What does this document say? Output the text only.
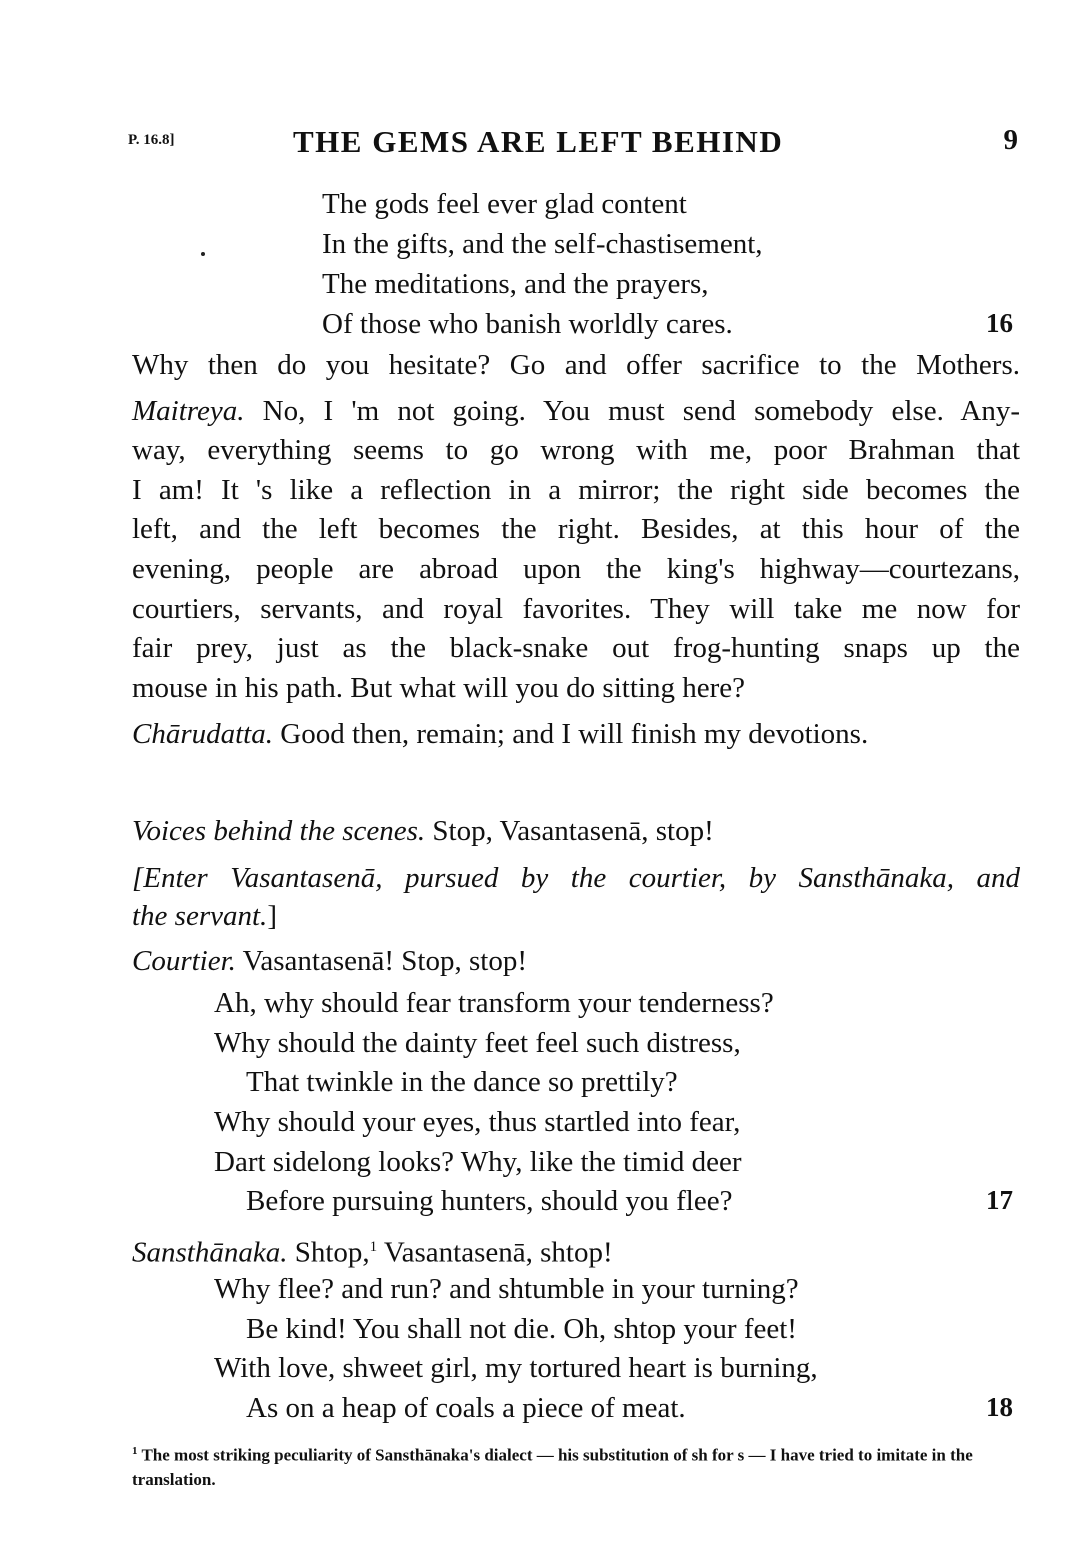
P. 16.8]	THE GEMS ARE LEFT BEHIND	9
The gods feel ever glad content
In the gifts, and the self-chastisement,
The meditations, and the prayers,
Of those who banish worldly cares.	16
Why then do you hesitate? Go and offer sacrifice to the Mothers.
Maitreya. No, I 'm not going. You must send somebody else. Any-
way, everything seems to go wrong with me, poor Brahman that
I am! It 's like a reflection in a mirror; the right side becomes the
left, and the left becomes the right. Besides, at this hour of the
evening, people are abroad upon the king's highway—courtezans,
courtiers, servants, and royal favorites. They will take me now for
fair prey, just as the black-snake out frog-hunting snaps up the
mouse in his path. But what will you do sitting here?
Chārudatta. Good then, remain; and I will finish my devotions.
Voices behind the scenes. Stop, Vasantasenā, stop!
[Enter Vasantasenā, pursued by the courtier, by Sansthānaka, and
the servant.]
Courtier. Vasantasenā! Stop, stop!
Ah, why should fear transform your tenderness?
Why should the dainty feet feel such distress,
That twinkle in the dance so prettily?
Why should your eyes, thus startled into fear,
Dart sidelong looks? Why, like the timid deer
Before pursuing hunters, should you flee?	17
Sansthānaka. Shtop,$^1$ Vasantasenā, shtop!
Why flee? and run? and shtumble in your turning?
Be kind! You shall not die. Oh, shtop your feet!
With love, shweet girl, my tortured heart is burning,
As on a heap of coals a piece of meat.	18
$^1$ The most striking peculiarity of Sansthānaka's dialect — his substitution of sh for s — I have tried to imitate in the translation.
